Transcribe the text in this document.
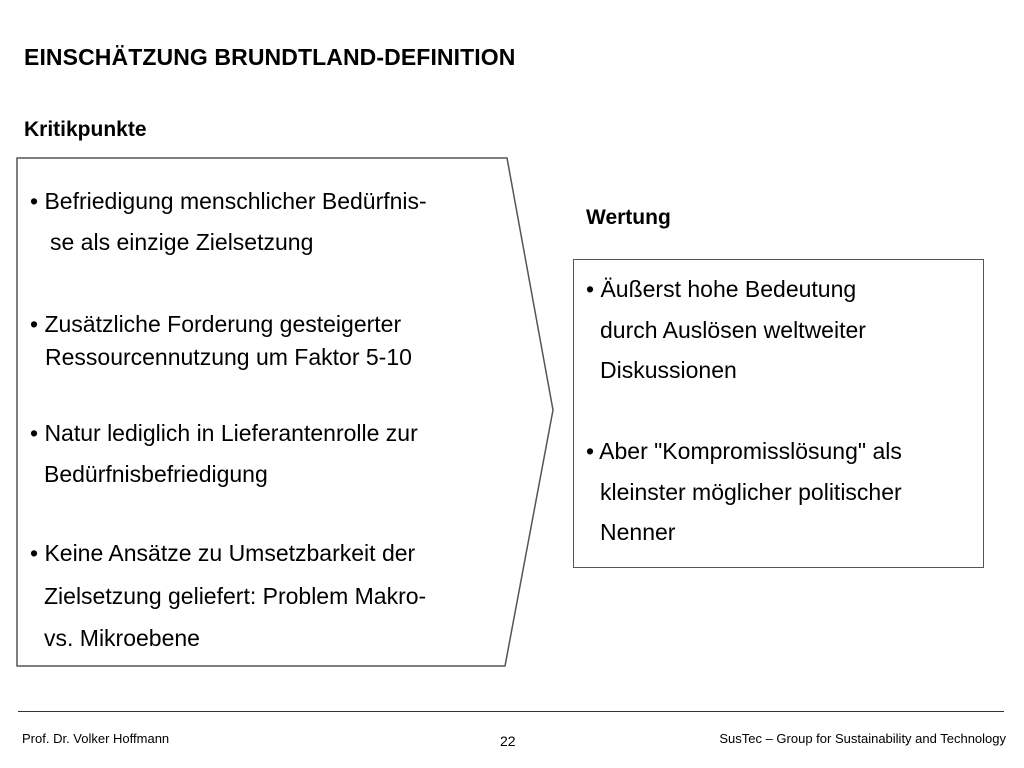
EINSCHÄTZUNG BRUNDTLAND-DEFINITION
Kritikpunkte
• Befriedigung menschlicher Bedürfnis-
se als einzige Zielsetzung
• Zusätzliche Forderung gesteigerter
Ressourcennutzung um Faktor 5-10
• Natur lediglich in Lieferantenrolle zur
Bedürfnisbefriedigung
• Keine Ansätze zu Umsetzbarkeit der
Zielsetzung geliefert: Problem Makro-
vs. Mikroebene
Wertung
• Äußerst hohe Bedeutung
durch Auslösen weltweiter
Diskussionen
• Aber "Kompromisslösung" als
kleinster möglicher politischer
Nenner
Prof. Dr. Volker Hoffmann	22	SusTec – Group for Sustainability and Technology
